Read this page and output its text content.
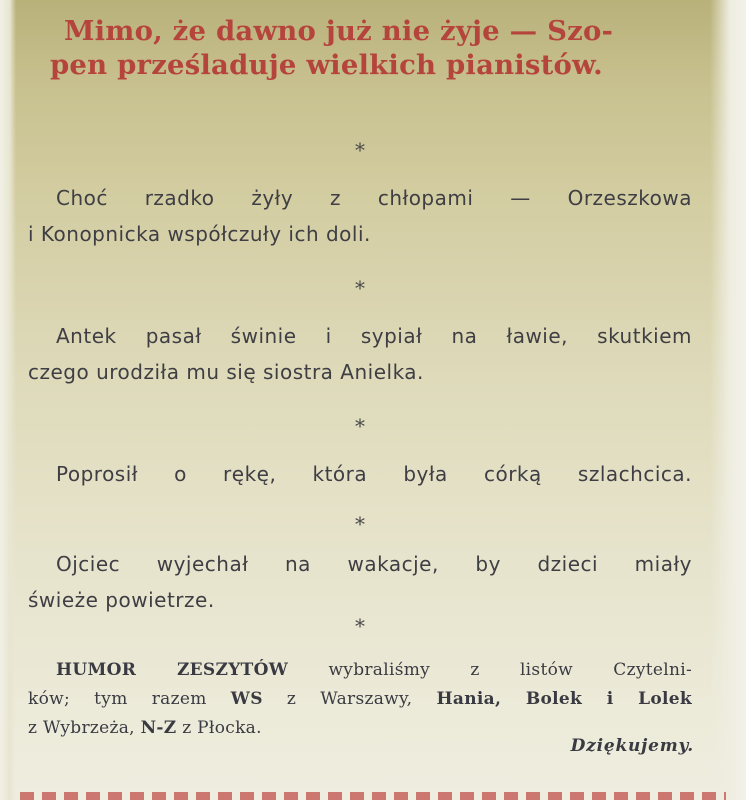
Mimo, że dawno już nie żyje — Szo-
pen prześladuje wielkich pianistów.
*

Choć rzadko żyły z chłopami — Orzeszkowa
i Konopnicka współczuły ich doli.

*

Antek pasał świnie i sypiał na ławie, skutkiem
czego urodziła mu się siostra Anielka.

*

Poprosił o rękę, która była córką szlachcica.

*

Ojciec wyjechał na wakacje, by dzieci miały
świeże powietrze.

*

HUMOR ZESZYTÓW wybraliśmy z listów Czytelni-
ków; tym razem WS z Warszawy, Hania, Bolek i Lolek
z Wybrzeża, N-Z z Płocka.

Dziękujemy.
